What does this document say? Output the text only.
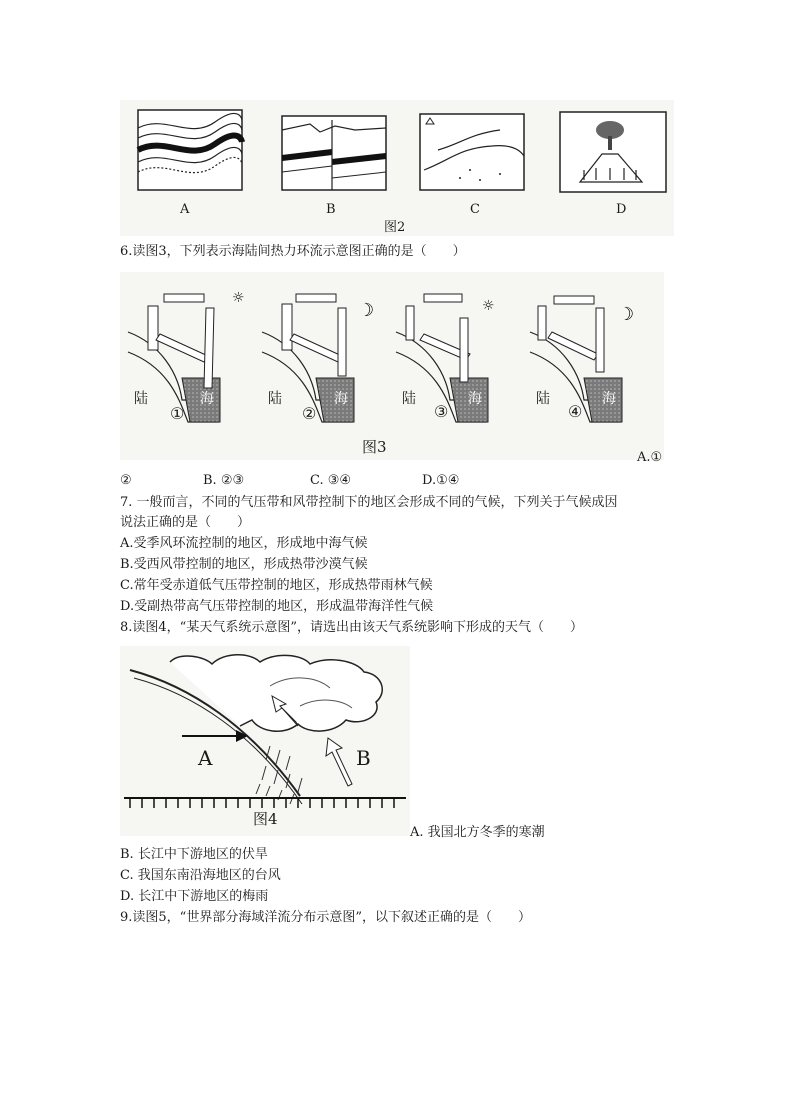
A	B	C	D
图2
6.读图3，下列表示海陆间热力环流示意图正确的是（　　）
☼
☽	☼	☽
陆	海
①
陆	海
②
陆	海
③
陆	海
④
图3
A.①
②	B. ②③	C. ③④	D.①④
7. 一般而言，不同的气压带和风带控制下的地区会形成不同的气候，下列关于气候成因
说法正确的是（　　）
A.受季风环流控制的地区，形成地中海气候
B.受西风带控制的地区，形成热带沙漠气候
C.常年受赤道低气压带控制的地区，形成热带雨林气候
D.受副热带高气压带控制的地区，形成温带海洋性气候
8.读图4，“某天气系统示意图”，请选出由该天气系统影响下形成的天气（　　）
A	B
图4
A. 我国北方冬季的寒潮
B. 长江中下游地区的伏旱
C. 我国东南沿海地区的台风
D. 长江中下游地区的梅雨
9.读图5，“世界部分海域洋流分布示意图”，以下叙述正确的是（　　）
